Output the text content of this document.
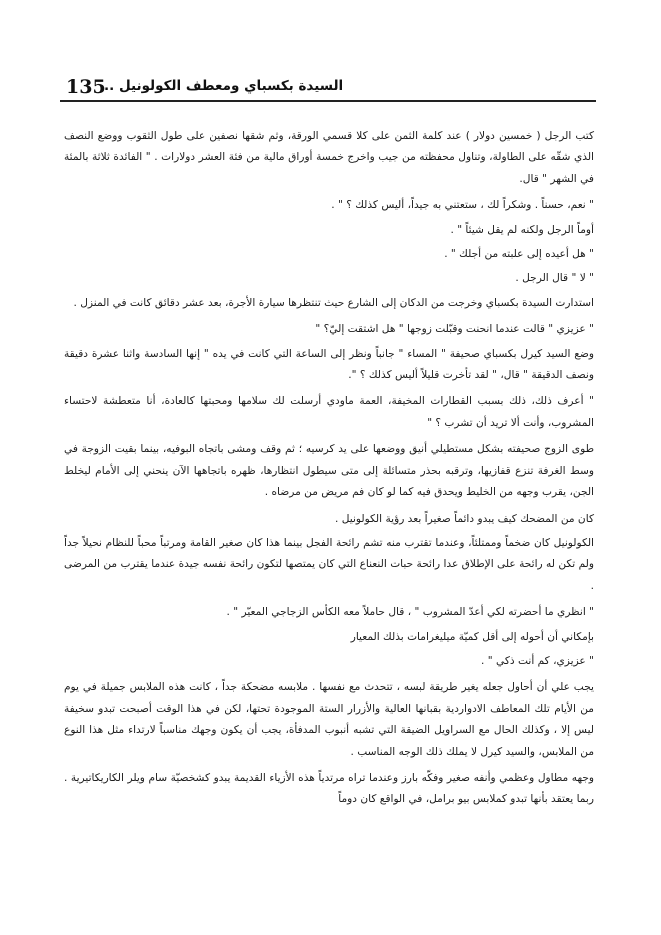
135
السيدة بكسباي ومعطف الكولونيل ..

كتب الرجل ( خمسين دولار ) عند كلمة الثمن على كلا قسمي الورقة، وثم شقها نصفين على طول الثقوب ووضع النصف الذي شقّه على الطاولة، وتناول محفظته من جيب واخرج خمسة أوراق مالية من فئة العشر دولارات . " الفائدة ثلاثة بالمئة في الشهر " قال.

" نعم، حسناً . وشكراً لك ، ستعتني به جيداً، أليس كذلك ؟ " .

أوماً الرجل ولكنه لم يقل شيئاً " .

" هل أعيده إلى علبته من أجلك " .

" لا " قال الرجل .

استدارت السيدة بكسباي وخرجت من الدكان إلى الشارع حيث تنتظرها سيارة الأجرة، بعد عشر دقائق كانت في المنزل .

" عزيزي " قالت عندما انحنت وقبّلت زوجها " هل اشتقت إليّ؟ "

وضع السيد كيرل بكسباي صحيفة " المساء " جانباً ونظر إلى الساعة التي كانت في يده " إنها السادسة واثنا عشرة دقيقة ونصف الدقيقة " قال، " لقد تأخرت قليلاً أليس كذلك ؟ ".

" أعرف ذلك، ذلك بسبب القطارات المخيفة، العمة ماودي أرسلت لك سلامها ومحبتها كالعادة، أنا متعطشة لاحتساء المشروب، وأنت ألا تريد أن تشرب ؟ "

طوى الزوج صحيفته بشكل مستطيلي أنيق ووضعها على يد كرسيه ؛ ثم وقف ومشى باتجاه البوفيه، بينما بقيت الزوجة في وسط الغرفة تنزع قفازيها، وترقبه بحذر متسائلة إلى متى سيطول انتظارها، ظهره باتجاهها الآن ينحني إلى الأمام ليخلط الجن، يقرب وجهه من الخليط ويحدق فيه كما لو كان فم مريض من مرضاه .

كان من المضحك كيف يبدو دائماً صغيراً بعد رؤية الكولونيل .

الكولونيل كان ضخماً وممتلئاً، وعندما تقترب منه تشم رائحة الفجل بينما هذا كان صغير القامة ومرتباً محباً للنظام نحيلاً جداً ولم تكن له رائحة على الإطلاق عدا رائحة حبات النعناع التي كان يمتصها لتكون رائحة نفسه جيدة عندما يقترب من المرضى .

" انظري ما أحضرته لكي أعدّ المشروب " ، قال حاملاً معه الكأس الزجاجي المعيّر " .

بإمكاني أن أحوله إلى أقل كميّة ميليغرامات بذلك المعيار

" عزيزي، كم أنت ذكي " .

يجب علي أن أحاول جعله يغير طريقة لبسه ، تتحدث مع نفسها . ملابسه مضحكة جداً ، كانت هذه الملابس جميلة في يوم من الأيام تلك المعاطف الادواردية بقبانها العالية والأزرار الستة الموجودة تحتها، لكن في هذا الوقت أصبحت تبدو سخيفة ليس إلا ، وكذلك الحال مع السراويل الضيقة التي تشبه أنبوب المدفأة، يجب أن يكون وجهك مناسباً لارتداء مثل هذا النوع من الملابس، والسيد كيرل لا يملك ذلك الوجه المناسب .

وجهه مطاول وعظمي وأنفه صغير وفكّه بارز وعندما تراه مرتدياً هذه الأزياء القديمة يبدو كشخصيّة سام ويلر الكاريكاتيرية . ربما يعتقد بأنها تبدو كملابس بيو برامل، في الواقع كان دوماً
